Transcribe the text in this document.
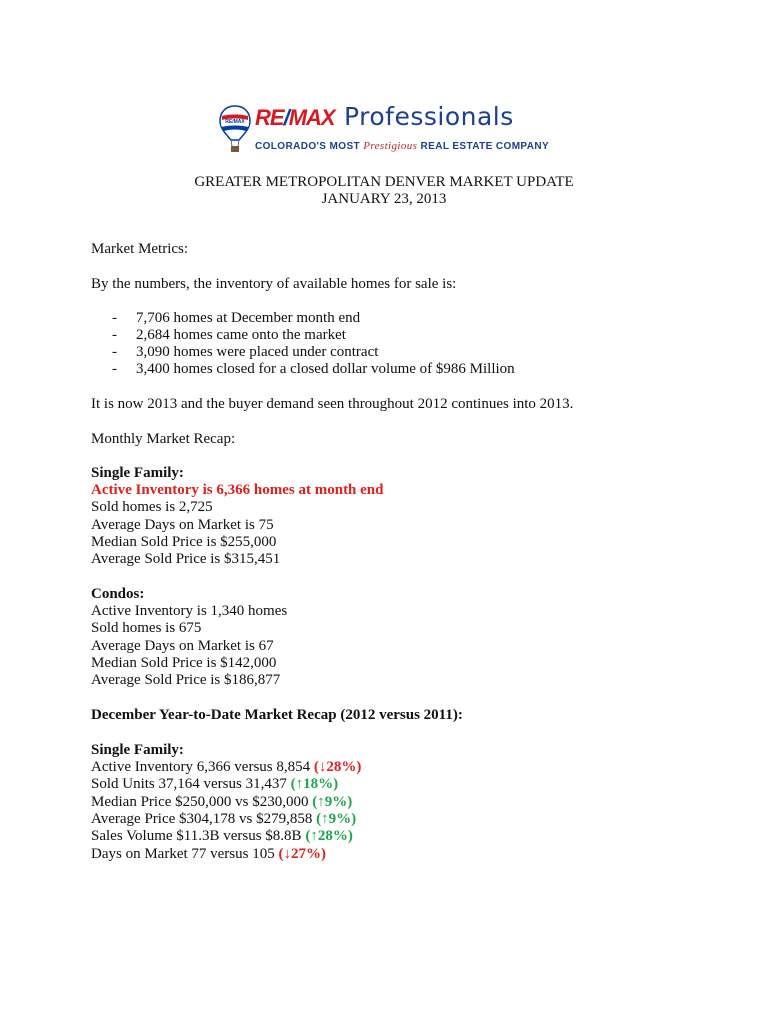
RE/MAX RE/MAX Professionals
COLORADO'S MOST Prestigious REAL ESTATE COMPANY
GREATER METROPOLITAN DENVER MARKET UPDATE
JANUARY 23, 2013
Market Metrics:
By the numbers, the inventory of available homes for sale is:
- 7,706 homes at December month end
- 2,684 homes came onto the market
- 3,090 homes were placed under contract
- 3,400 homes closed for a closed dollar volume of $986 Million
It is now 2013 and the buyer demand seen throughout 2012 continues into 2013.
Monthly Market Recap:
Single Family:
Active Inventory is 6,366 homes at month end
Sold homes is 2,725
Average Days on Market is 75
Median Sold Price is $255,000
Average Sold Price is $315,451
Condos:
Active Inventory is 1,340 homes
Sold homes is 675
Average Days on Market is 67
Median Sold Price is $142,000
Average Sold Price is $186,877
December Year-to-Date Market Recap (2012 versus 2011):
Single Family:
Active Inventory 6,366 versus 8,854 (↓28%)
Sold Units 37,164 versus 31,437 (↑18%)
Median Price $250,000 vs $230,000 (↑9%)
Average Price $304,178 vs $279,858 (↑9%)
Sales Volume $11.3B versus $8.8B (↑28%)
Days on Market 77 versus 105 (↓27%)
